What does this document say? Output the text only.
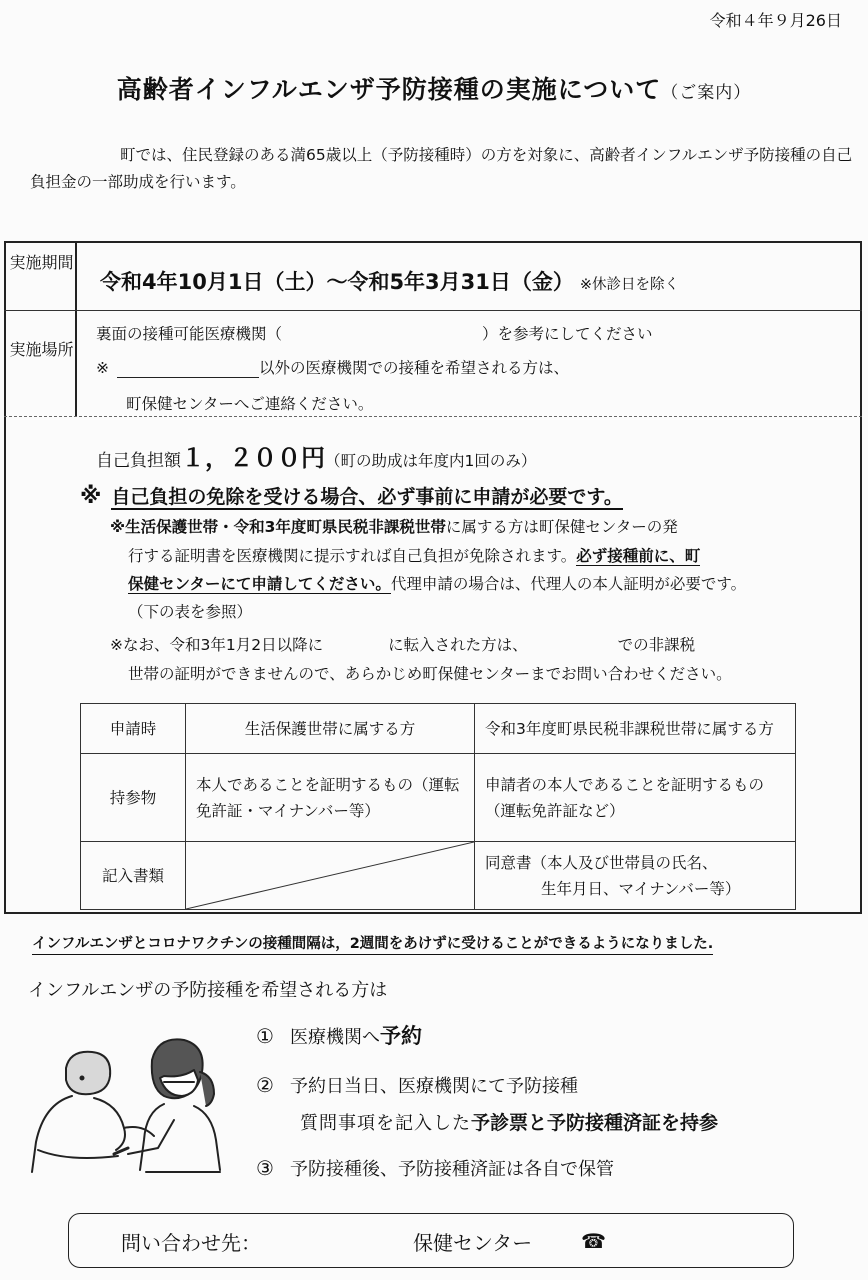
令和４年９月26日
高齢者インフルエンザ予防接種の実施について（ご案内）
町では、住民登録のある満65歳以上（予防接種時）の方を対象に、高齢者インフルエンザ予防接種の自己負担金の一部助成を行います。
実施期間
令和4年10月1日（土）～令和5年3月31日（金） ※休診日を除く
実施場所
裏面の接種可能医療機関（	）を参考にしてください
※	以外の医療機関での接種を希望される方は、
町保健センターへご連絡ください。
自己負担額１，２００円（町の助成は年度内1回のみ）
※ 自己負担の免除を受ける場合、必ず事前に申請が必要です。
※生活保護世帯・令和3年度町県民税非課税世帯に属する方は町保健センターの発
行する証明書を医療機関に提示すれば自己負担が免除されます。必ず接種前に、町
保健センターにて申請してください。代理申請の場合は、代理人の本人証明が必要です。
（下の表を参照）
※なお、令和3年1月2日以降に	に転入された方は、	での非課税
世帯の証明ができませんので、あらかじめ町保健センターまでお問い合わせください。
申請時	生活保護世帯に属する方	令和3年度町県民税非課税世帯に属する方
持参物	本人であることを証明するもの（運転免許証・マイナンバー等）	申請者の本人であることを証明するもの（運転免許証など）
記入書類		同意書（本人及び世帯員の氏名、
生年月日、マイナンバー等）
インフルエンザとコロナワクチンの接種間隔は，2週間をあけずに受けることができるようになりました.
インフルエンザの予防接種を希望される方は
① 医療機関へ予約
② 予約日当日、医療機関にて予防接種
質問事項を記入した予診票と予防接種済証を持参
③ 予防接種後、予防接種済証は各自で保管
問い合わせ先：	保健センター ☎
